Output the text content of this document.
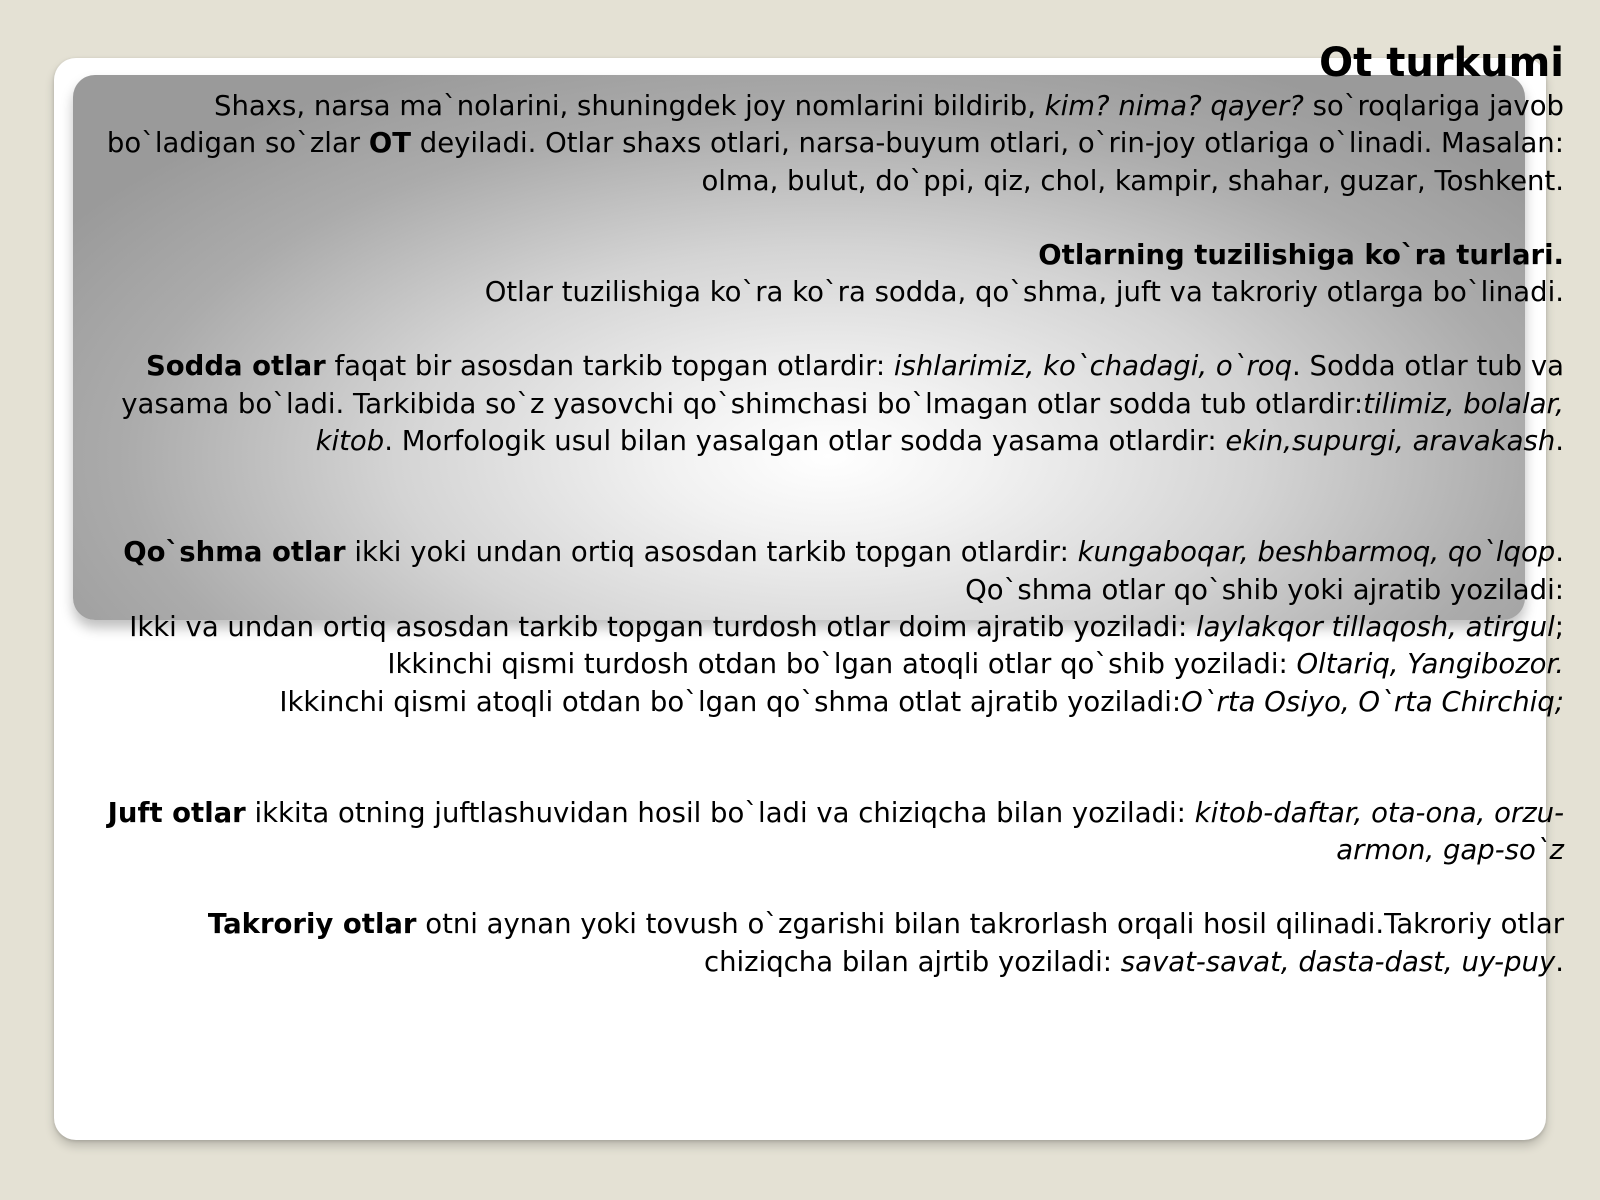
Ot turkumi

Shaxs, narsa ma`nolarini, shuningdek joy nomlarini bildirib, kim? nima? qayer? so`roqlariga javob bo`ladigan so`zlar OT deyiladi. Otlar shaxs otlari, narsa-buyum otlari, o`rin-joy otlariga o`linadi. Masalan: olma, bulut, do`ppi, qiz, chol, kampir, shahar, guzar, Toshkent.

Otlarning tuzilishiga ko`ra turlari.

Otlar tuzilishiga ko`ra ko`ra sodda, qo`shma, juft va takroriy otlarga bo`linadi.

Sodda otlar faqat bir asosdan tarkib topgan otlardir: ishlarimiz, ko`chadagi, o`roq. Sodda otlar tub va yasama bo`ladi. Tarkibida so`z yasovchi qo`shimchasi bo`lmagan otlar sodda tub otlardir:tilimiz, bolalar, kitob. Morfologik usul bilan yasalgan otlar sodda yasama otlardir: ekin,supurgi, aravakash.

Qo`shma otlar ikki yoki undan ortiq asosdan tarkib topgan otlardir: kungaboqar, beshbarmoq, qo`lqop. Qo`shma otlar qo`shib yoki ajratib yoziladi:

Ikki va undan ortiq asosdan tarkib topgan turdosh otlar doim ajratib yoziladi: laylakqor tillaqosh, atirgul;

Ikkinchi qismi turdosh otdan bo`lgan atoqli otlar qo`shib yoziladi: Oltariq, Yangibozor.

Ikkinchi qismi atoqli otdan bo`lgan qo`shma otlat ajratib yoziladi:O`rta Osiyo, O`rta Chirchiq;

Juft otlar ikkita otning juftlashuvidan hosil bo`ladi va chiziqcha bilan yoziladi: kitob-daftar, ota-ona, orzu-armon, gap-so`z

Takroriy otlar otni aynan yoki tovush o`zgarishi bilan takrorlash orqali hosil qilinadi.Takroriy otlar chiziqcha bilan ajrtib yoziladi: savat-savat, dasta-dast, uy-puy.
